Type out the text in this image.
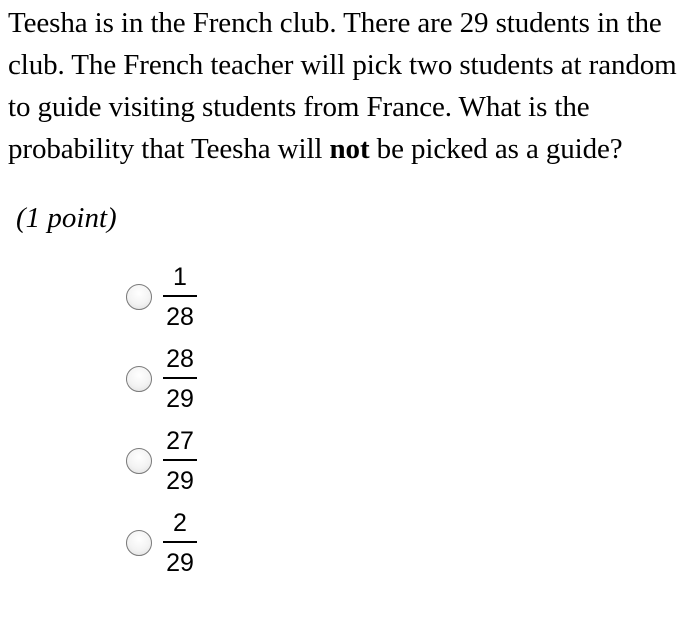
Teesha is in the French club. There are 29 students in the club. The French teacher will pick two students at random to guide visiting students from France. What is the probability that Teesha will not be picked as a guide?
(1 point)
$\frac{1}{28}$
$\frac{28}{29}$
$\frac{27}{29}$
$\frac{2}{29}$
